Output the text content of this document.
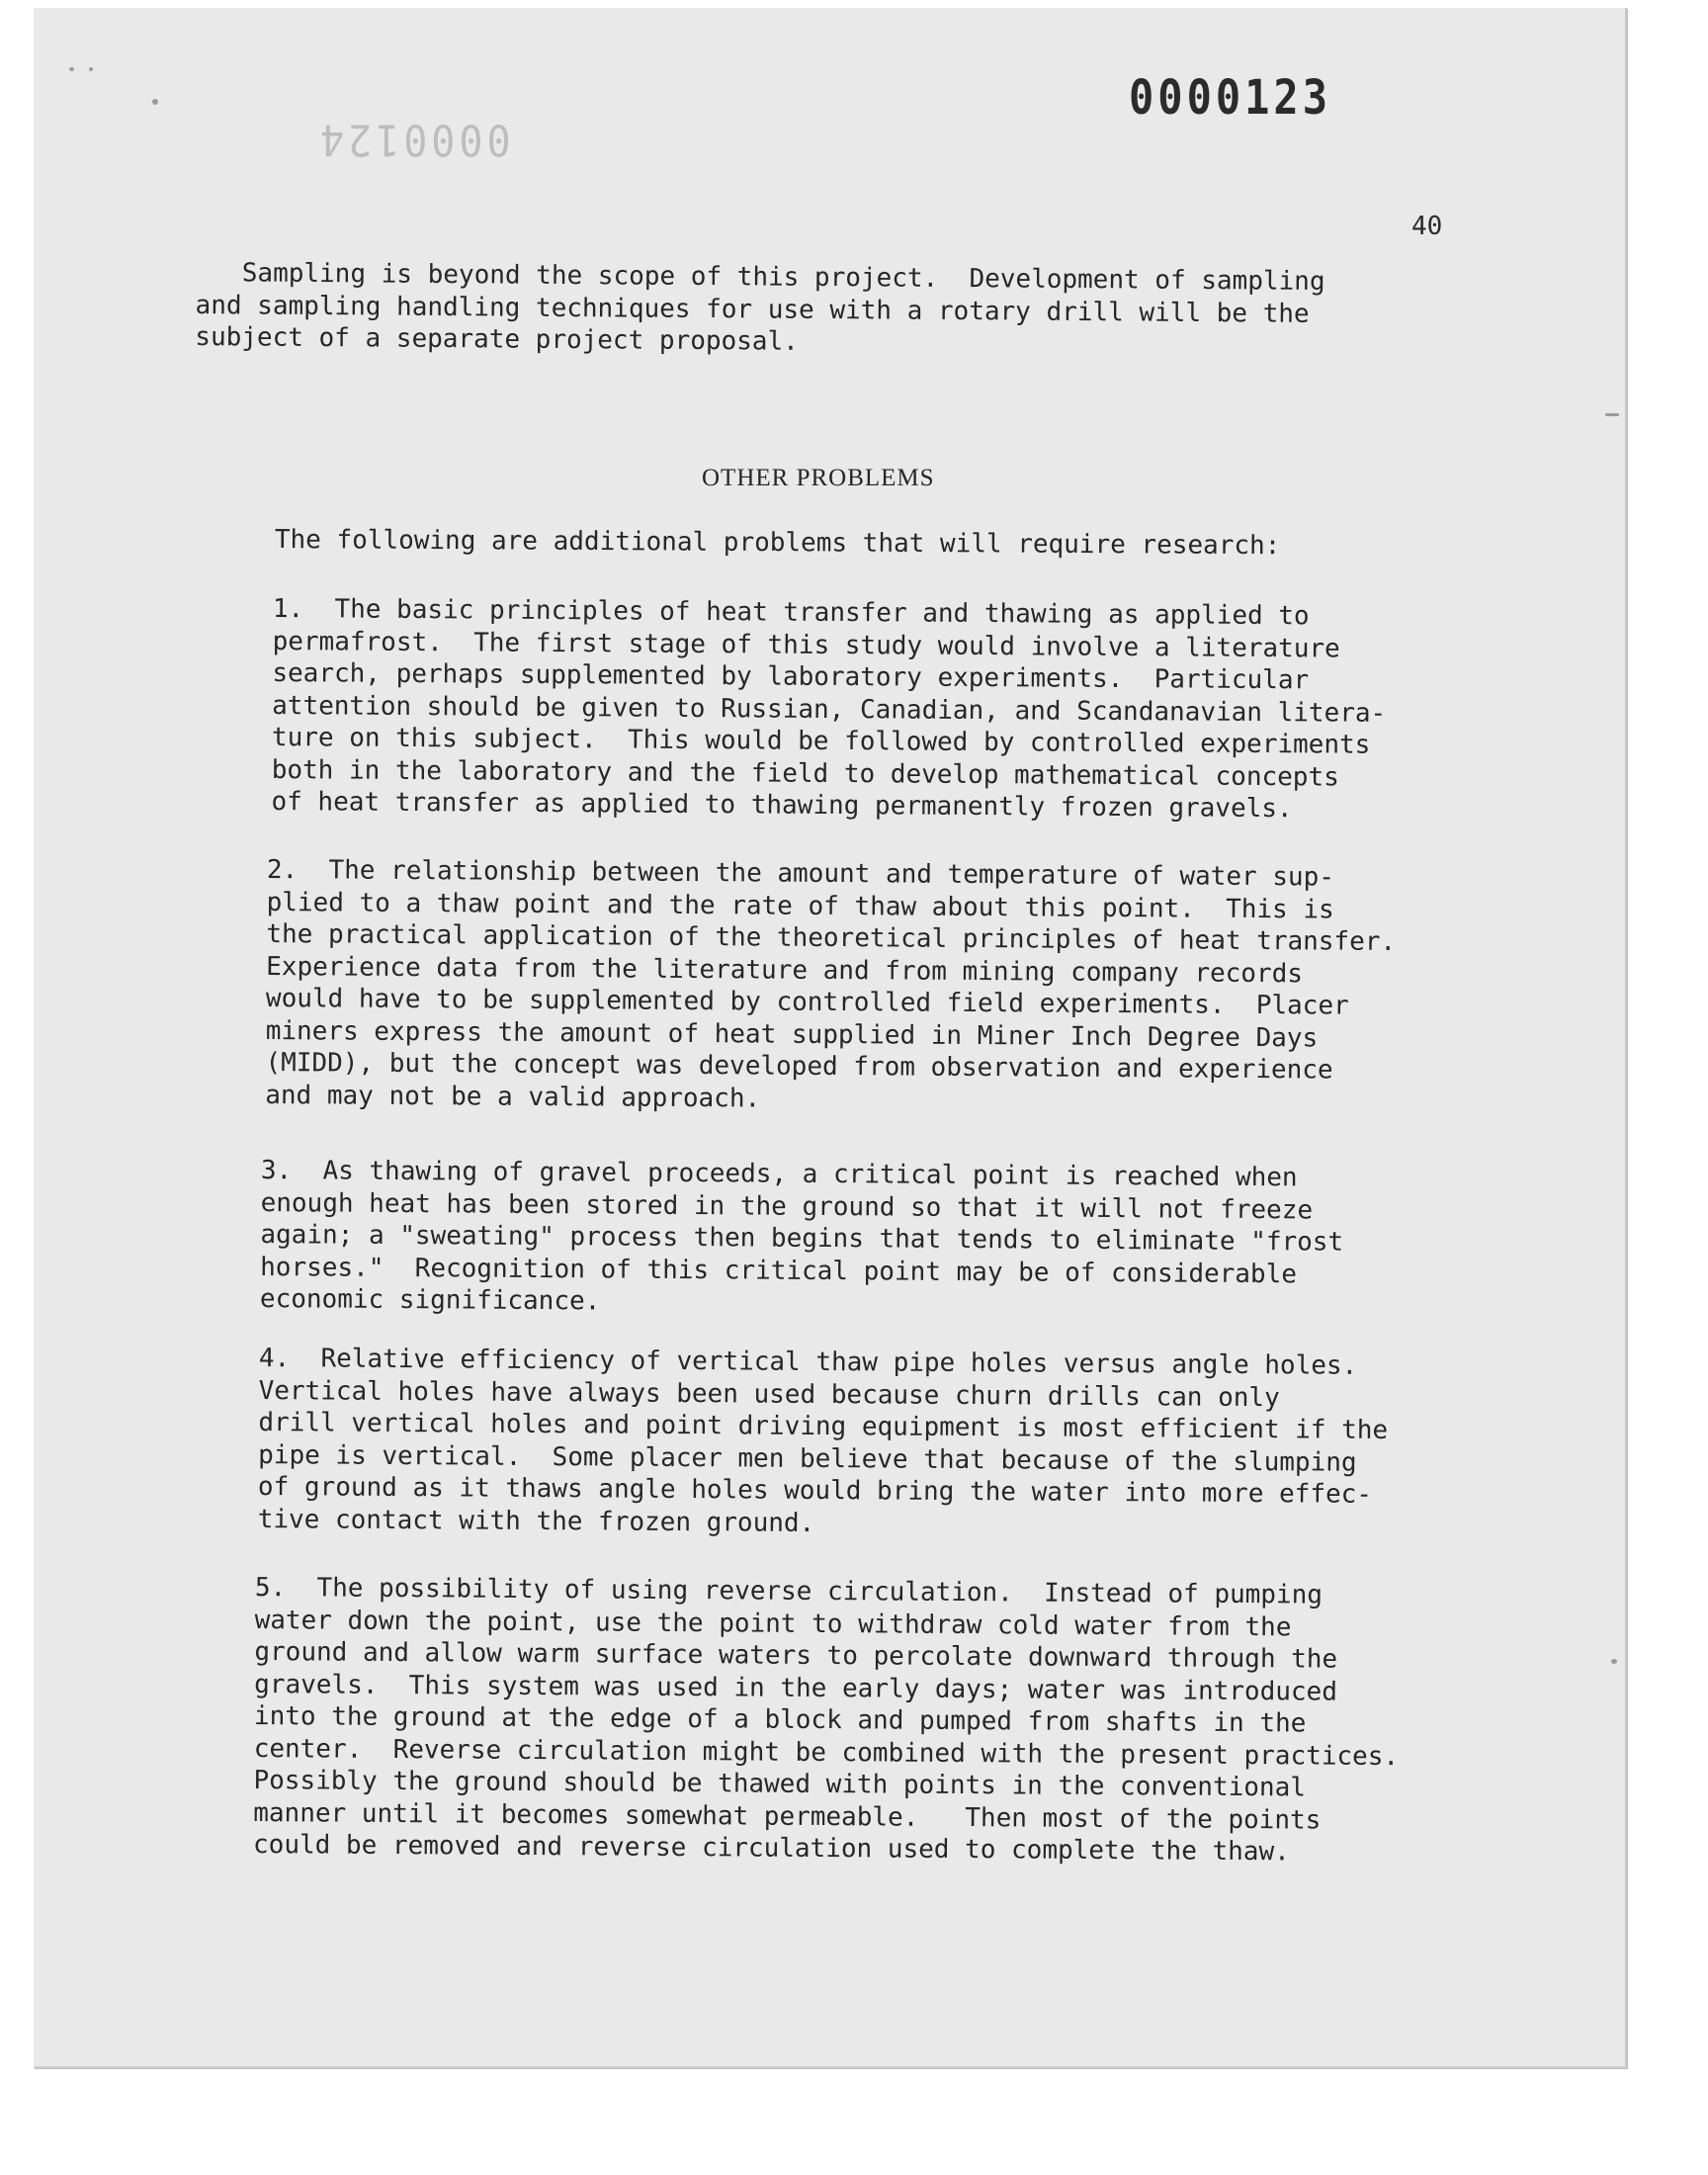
0000123
0000124
40

Sampling is beyond the scope of this project.  Development of sampling
and sampling handling techniques for use with a rotary drill will be the
subject of a separate project proposal.

OTHER PROBLEMS

The following are additional problems that will require research:

1.  The basic principles of heat transfer and thawing as applied to
permafrost.  The first stage of this study would involve a literature
search, perhaps supplemented by laboratory experiments.  Particular
attention should be given to Russian, Canadian, and Scandanavian litera-
ture on this subject.  This would be followed by controlled experiments
both in the laboratory and the field to develop mathematical concepts
of heat transfer as applied to thawing permanently frozen gravels.

2.  The relationship between the amount and temperature of water sup-
plied to a thaw point and the rate of thaw about this point.  This is
the practical application of the theoretical principles of heat transfer.
Experience data from the literature and from mining company records
would have to be supplemented by controlled field experiments.  Placer
miners express the amount of heat supplied in Miner Inch Degree Days
(MIDD), but the concept was developed from observation and experience
and may not be a valid approach.

3.  As thawing of gravel proceeds, a critical point is reached when
enough heat has been stored in the ground so that it will not freeze
again; a "sweating" process then begins that tends to eliminate "frost
horses."  Recognition of this critical point may be of considerable
economic significance.

4.  Relative efficiency of vertical thaw pipe holes versus angle holes.
Vertical holes have always been used because churn drills can only
drill vertical holes and point driving equipment is most efficient if the
pipe is vertical.  Some placer men believe that because of the slumping
of ground as it thaws angle holes would bring the water into more effec-
tive contact with the frozen ground.

5.  The possibility of using reverse circulation.  Instead of pumping
water down the point, use the point to withdraw cold water from the
ground and allow warm surface waters to percolate downward through the
gravels.  This system was used in the early days; water was introduced
into the ground at the edge of a block and pumped from shafts in the
center.  Reverse circulation might be combined with the present practices.
Possibly the ground should be thawed with points in the conventional
manner until it becomes somewhat permeable.   Then most of the points
could be removed and reverse circulation used to complete the thaw.
